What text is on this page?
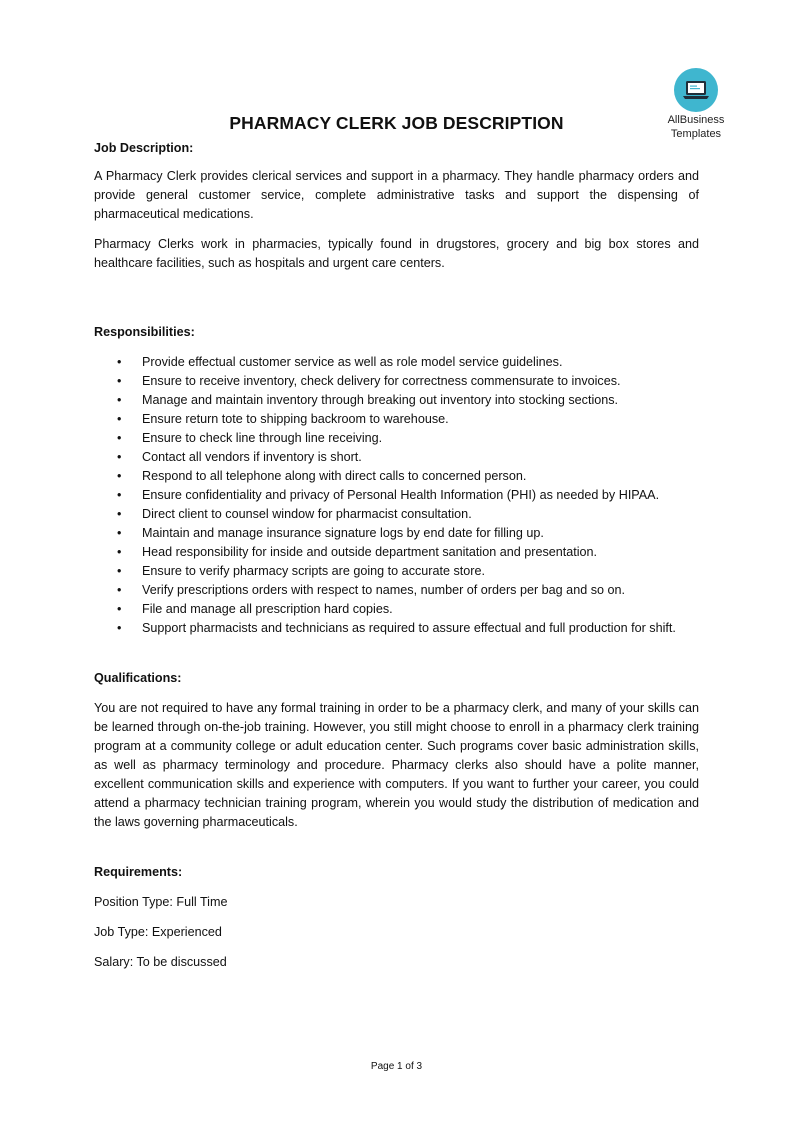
AllBusiness
Templates
PHARMACY CLERK JOB DESCRIPTION

Job Description:

A Pharmacy Clerk provides clerical services and support in a pharmacy. They handle pharmacy orders and provide general customer service, complete administrative tasks and support the dispensing of pharmaceutical medications.

Pharmacy Clerks work in pharmacies, typically found in drugstores, grocery and big box stores and healthcare facilities, such as hospitals and urgent care centers.

Responsibilities:

• Provide effectual customer service as well as role model service guidelines.
• Ensure to receive inventory, check delivery for correctness commensurate to invoices.
• Manage and maintain inventory through breaking out inventory into stocking sections.
• Ensure return tote to shipping backroom to warehouse.
• Ensure to check line through line receiving.
• Contact all vendors if inventory is short.
• Respond to all telephone along with direct calls to concerned person.
• Ensure confidentiality and privacy of Personal Health Information (PHI) as needed by HIPAA.
• Direct client to counsel window for pharmacist consultation.
• Maintain and manage insurance signature logs by end date for filling up.
• Head responsibility for inside and outside department sanitation and presentation.
• Ensure to verify pharmacy scripts are going to accurate store.
• Verify prescriptions orders with respect to names, number of orders per bag and so on.
• File and manage all prescription hard copies.
• Support pharmacists and technicians as required to assure effectual and full production for shift.

Qualifications:

You are not required to have any formal training in order to be a pharmacy clerk, and many of your skills can be learned through on-the-job training. However, you still might choose to enroll in a pharmacy clerk training program at a community college or adult education center. Such programs cover basic administration skills, as well as pharmacy terminology and procedure. Pharmacy clerks also should have a polite manner, excellent communication skills and experience with computers. If you want to further your career, you could attend a pharmacy technician training program, wherein you would study the distribution of medication and the laws governing pharmaceuticals.

Requirements:

Position Type: Full Time

Job Type: Experienced

Salary: To be discussed

Page 1 of 3
